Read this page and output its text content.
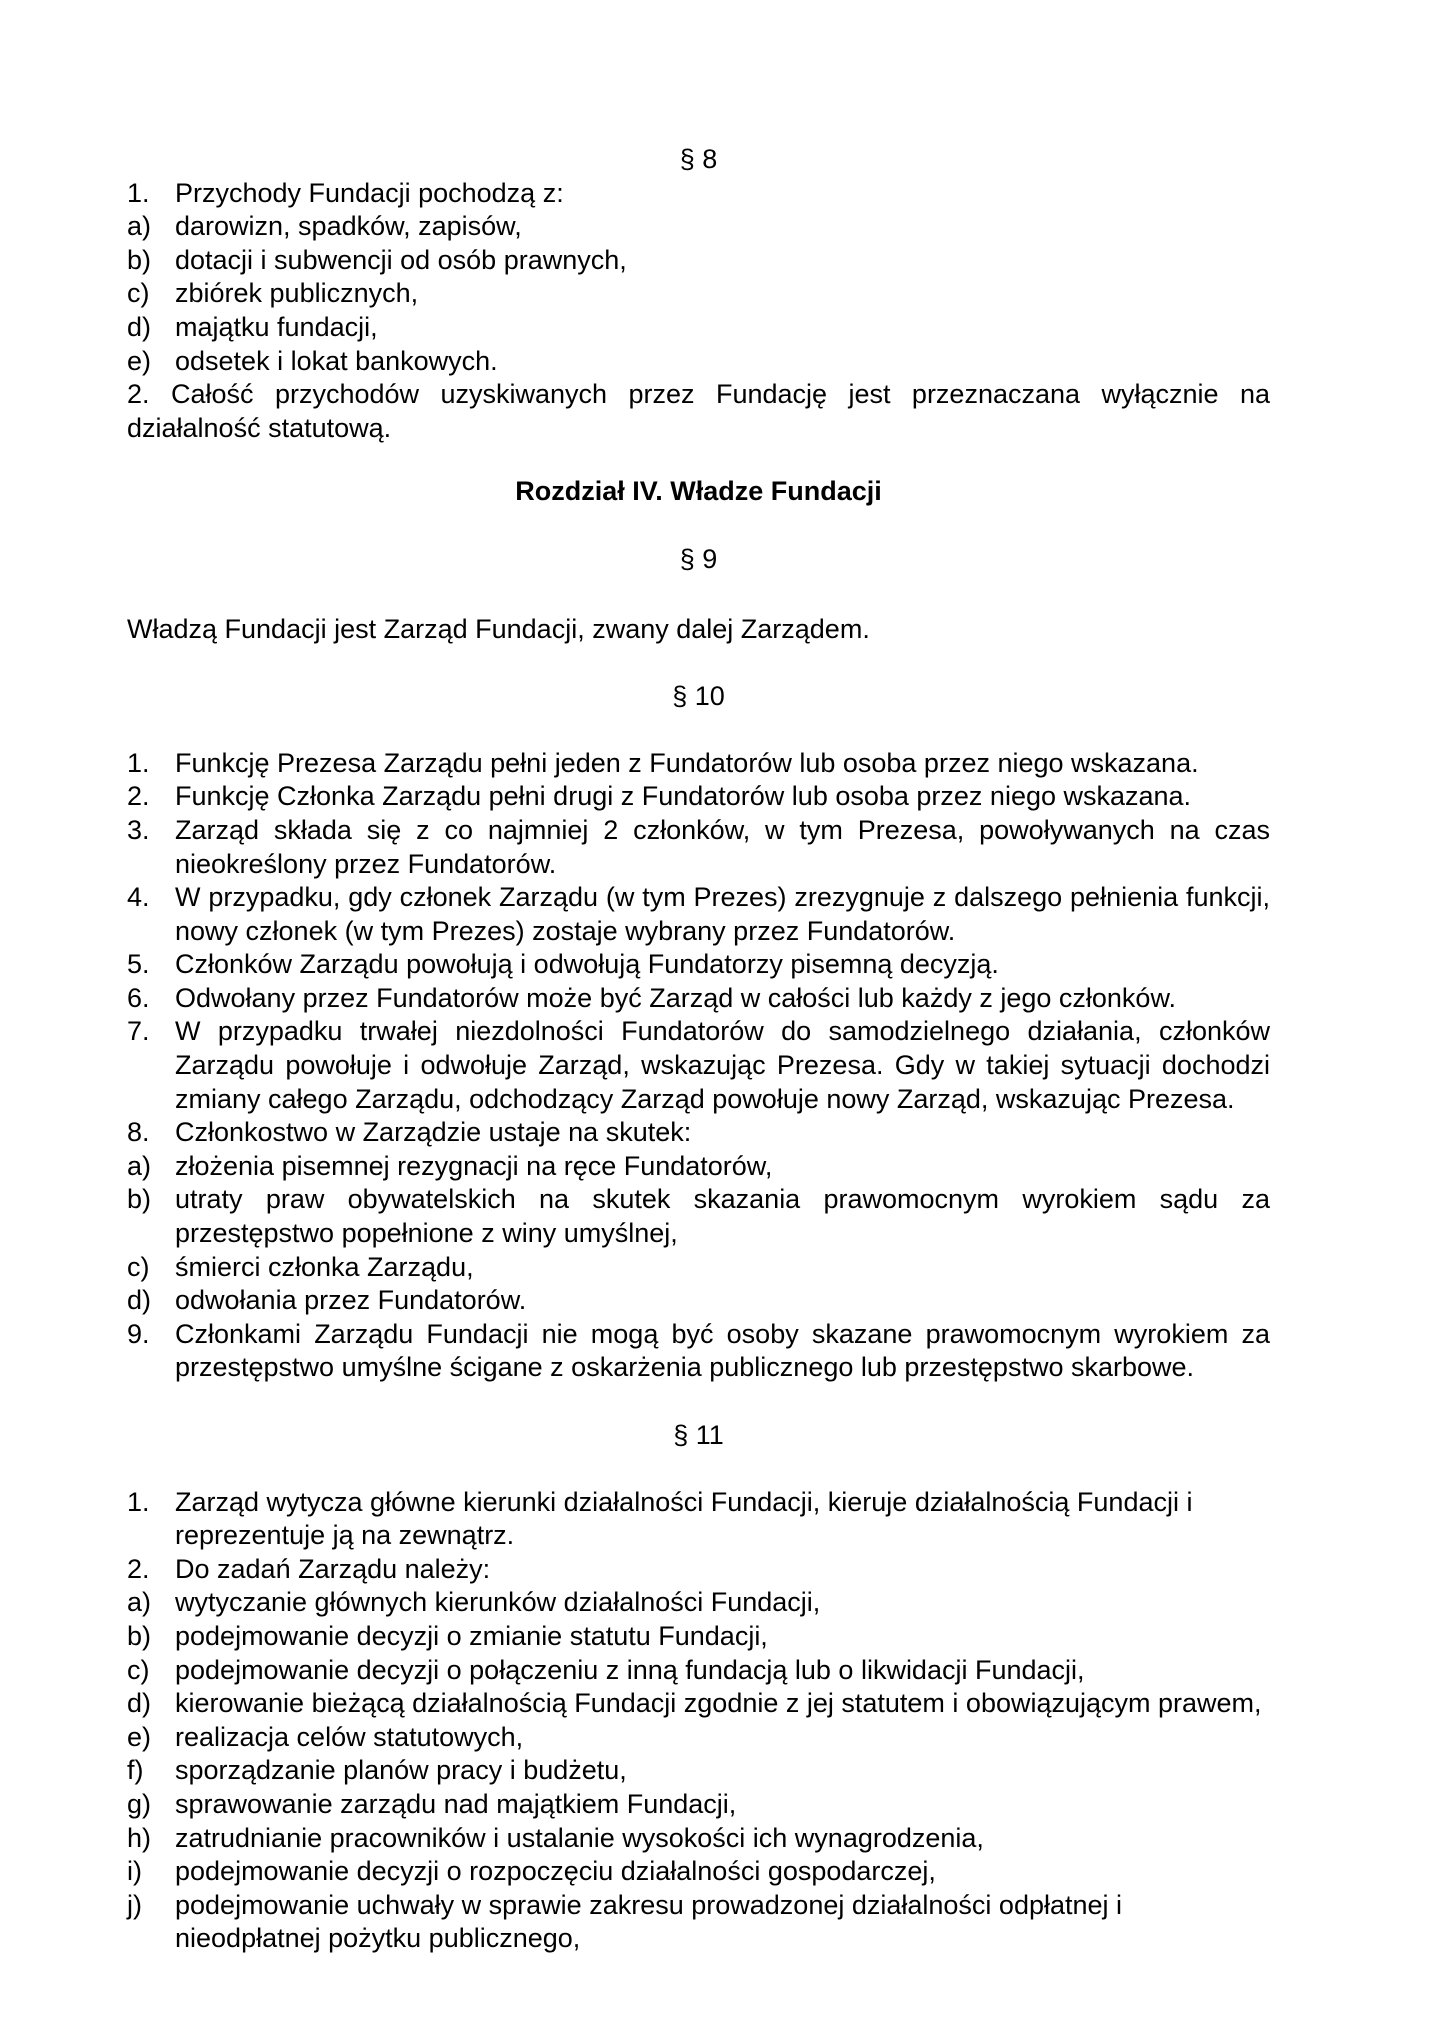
§ 8
1. Przychody Fundacji pochodzą z:
a) darowizn, spadków, zapisów,
b) dotacji i subwencji od osób prawnych,
c) zbiórek publicznych,
d) majątku fundacji,
e) odsetek i lokat bankowych.

2. Całość przychodów uzyskiwanych przez Fundację jest przeznaczana wyłącznie na działalność statutową.

Rozdział IV. Władze Fundacji
§ 9

Władzą Fundacji jest Zarząd Fundacji, zwany dalej Zarządem.

§ 10
1. Funkcję Prezesa Zarządu pełni jeden z Fundatorów lub osoba przez niego wskazana.
2. Funkcję Członka Zarządu pełni drugi z Fundatorów lub osoba przez niego wskazana.
3. Zarząd składa się z co najmniej 2 członków, w tym Prezesa, powoływanych na czas nieokreślony przez Fundatorów.
4. W przypadku, gdy członek Zarządu (w tym Prezes) zrezygnuje z dalszego pełnienia funkcji, nowy członek (w tym Prezes) zostaje wybrany przez Fundatorów.
5. Członków Zarządu powołują i odwołują Fundatorzy pisemną decyzją.
6. Odwołany przez Fundatorów może być Zarząd w całości lub każdy z jego członków.
7. W przypadku trwałej niezdolności Fundatorów do samodzielnego działania, członków Zarządu powołuje i odwołuje Zarząd, wskazując Prezesa. Gdy w takiej sytuacji dochodzi zmiany całego Zarządu, odchodzący Zarząd powołuje nowy Zarząd, wskazując Prezesa.
8. Członkostwo w Zarządzie ustaje na skutek:
a) złożenia pisemnej rezygnacji na ręce Fundatorów,
b) utraty praw obywatelskich na skutek skazania prawomocnym wyrokiem sądu za przestępstwo popełnione z winy umyślnej,
c) śmierci członka Zarządu,
d) odwołania przez Fundatorów.
9. Członkami Zarządu Fundacji nie mogą być osoby skazane prawomocnym wyrokiem za przestępstwo umyślne ścigane z oskarżenia publicznego lub przestępstwo skarbowe.
§ 11
1. Zarząd wytycza główne kierunki działalności Fundacji, kieruje działalnością Fundacji i reprezentuje ją na zewnątrz.
2. Do zadań Zarządu należy:
a) wytyczanie głównych kierunków działalności Fundacji,
b) podejmowanie decyzji o zmianie statutu Fundacji,
c) podejmowanie decyzji o połączeniu z inną fundacją lub o likwidacji Fundacji,
d) kierowanie bieżącą działalnością Fundacji zgodnie z jej statutem i obowiązującym prawem,
e) realizacja celów statutowych,
f)	sporządzanie planów pracy i budżetu,
g) sprawowanie zarządu nad majątkiem Fundacji,
h) zatrudnianie pracowników i ustalanie wysokości ich wynagrodzenia,
i)	podejmowanie decyzji o rozpoczęciu działalności gospodarczej,
j)	podejmowanie uchwały w sprawie zakresu prowadzonej działalności odpłatnej i nieodpłatnej pożytku publicznego,
